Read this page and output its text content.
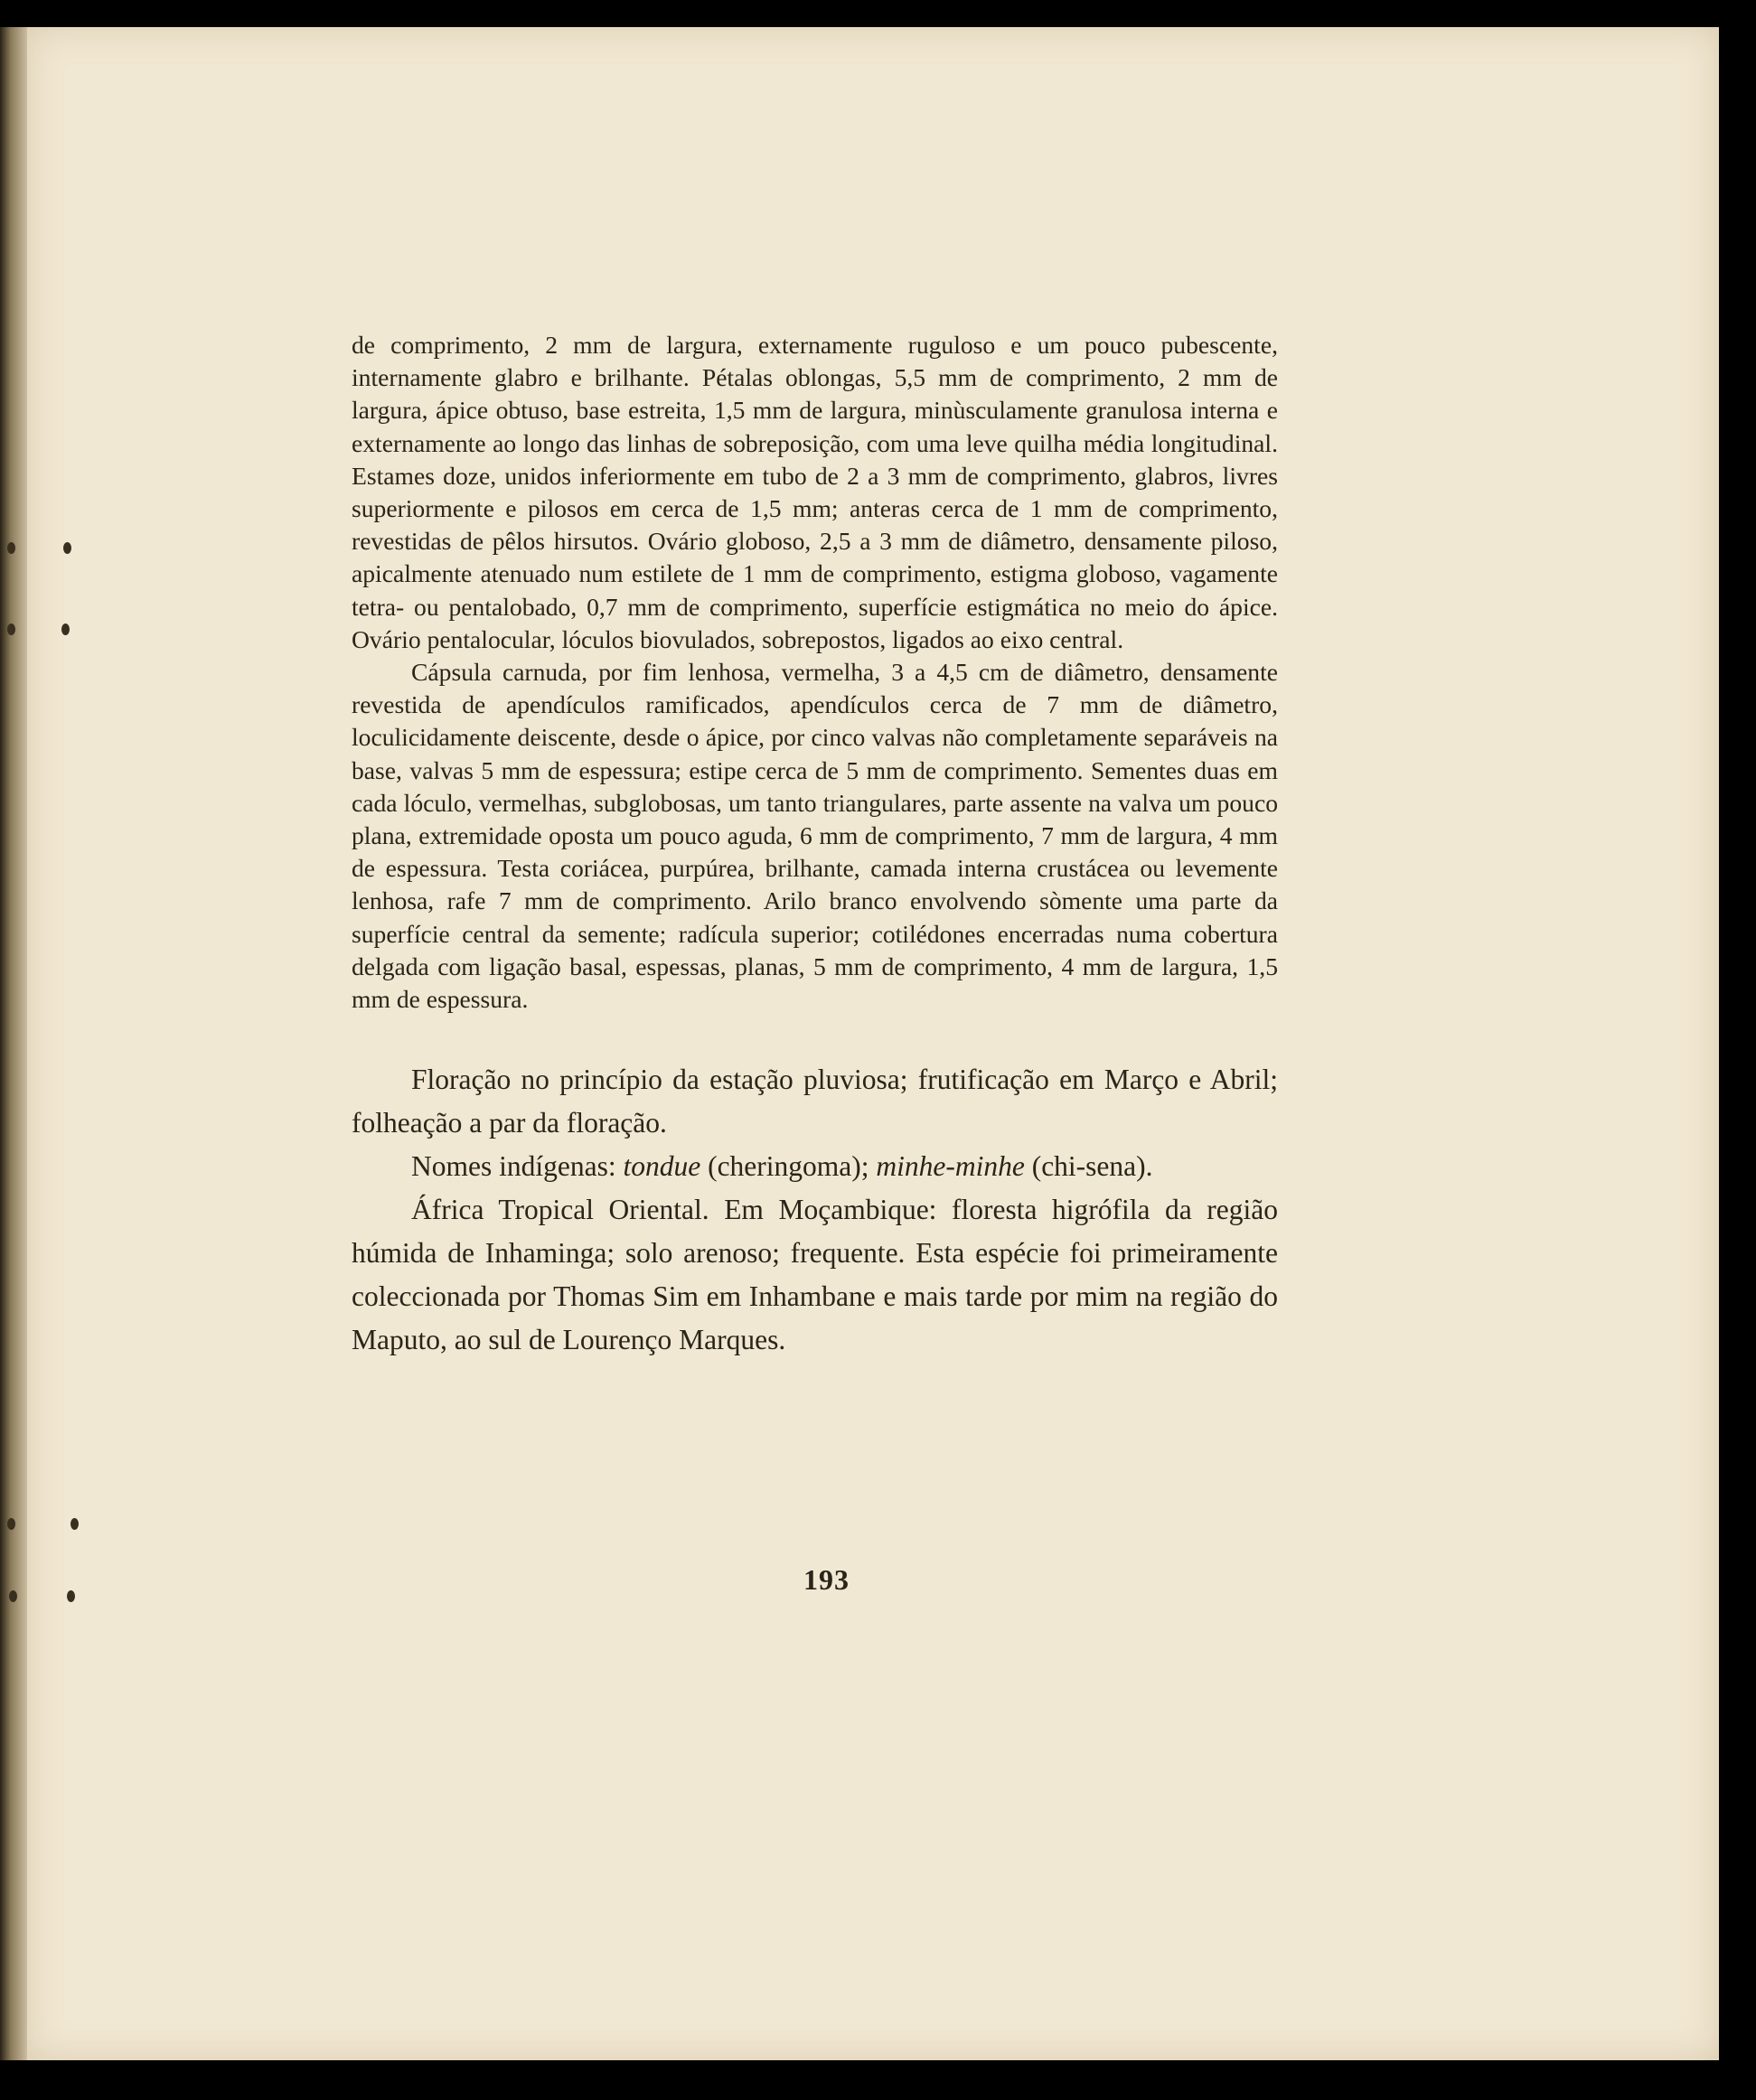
de comprimento, 2 mm de largura, externamente ruguloso e um pouco pubescente, internamente glabro e brilhante. Pétalas oblongas, 5,5 mm de comprimento, 2 mm de largura, ápice obtuso, base estreita, 1,5 mm de largura, minùsculamente granulosa interna e externamente ao longo das linhas de sobreposição, com uma leve quilha média longitudinal. Estames doze, unidos inferiormente em tubo de 2 a 3 mm de comprimento, glabros, livres superiormente e pilosos em cerca de 1,5 mm; anteras cerca de 1 mm de comprimento, revestidas de pêlos hirsutos. Ovário globoso, 2,5 a 3 mm de diâmetro, densamente piloso, apicalmente atenuado num estilete de 1 mm de comprimento, estigma globoso, vagamente tetra- ou pentalobado, 0,7 mm de comprimento, superfície estigmática no meio do ápice. Ovário pentalocular, lóculos biovulados, sobrepostos, ligados ao eixo central.

Cápsula carnuda, por fim lenhosa, vermelha, 3 a 4,5 cm de diâmetro, densamente revestida de apendículos ramificados, apendículos cerca de 7 mm de diâmetro, loculicidamente deiscente, desde o ápice, por cinco valvas não completamente separáveis na base, valvas 5 mm de espessura; estipe cerca de 5 mm de comprimento. Sementes duas em cada lóculo, vermelhas, subglobosas, um tanto triangulares, parte assente na valva um pouco plana, extremidade oposta um pouco aguda, 6 mm de comprimento, 7 mm de largura, 4 mm de espessura. Testa coriácea, purpúrea, brilhante, camada interna crustácea ou levemente lenhosa, rafe 7 mm de comprimento. Arilo branco envolvendo sòmente uma parte da superfície central da semente; radícula superior; cotilédones encerradas numa cobertura delgada com ligação basal, espessas, planas, 5 mm de comprimento, 4 mm de largura, 1,5 mm de espessura.

Floração no princípio da estação pluviosa; frutificação em Março e Abril; folheação a par da floração.

Nomes indígenas: tondue (cheringoma); minhe-minhe (chi-sena).

África Tropical Oriental. Em Moçambique: floresta higrófila da região húmida de Inhaminga; solo arenoso; frequente. Esta espécie foi primeiramente coleccionada por Thomas Sim em Inhambane e mais tarde por mim na região do Maputo, ao sul de Lourenço Marques.

193
